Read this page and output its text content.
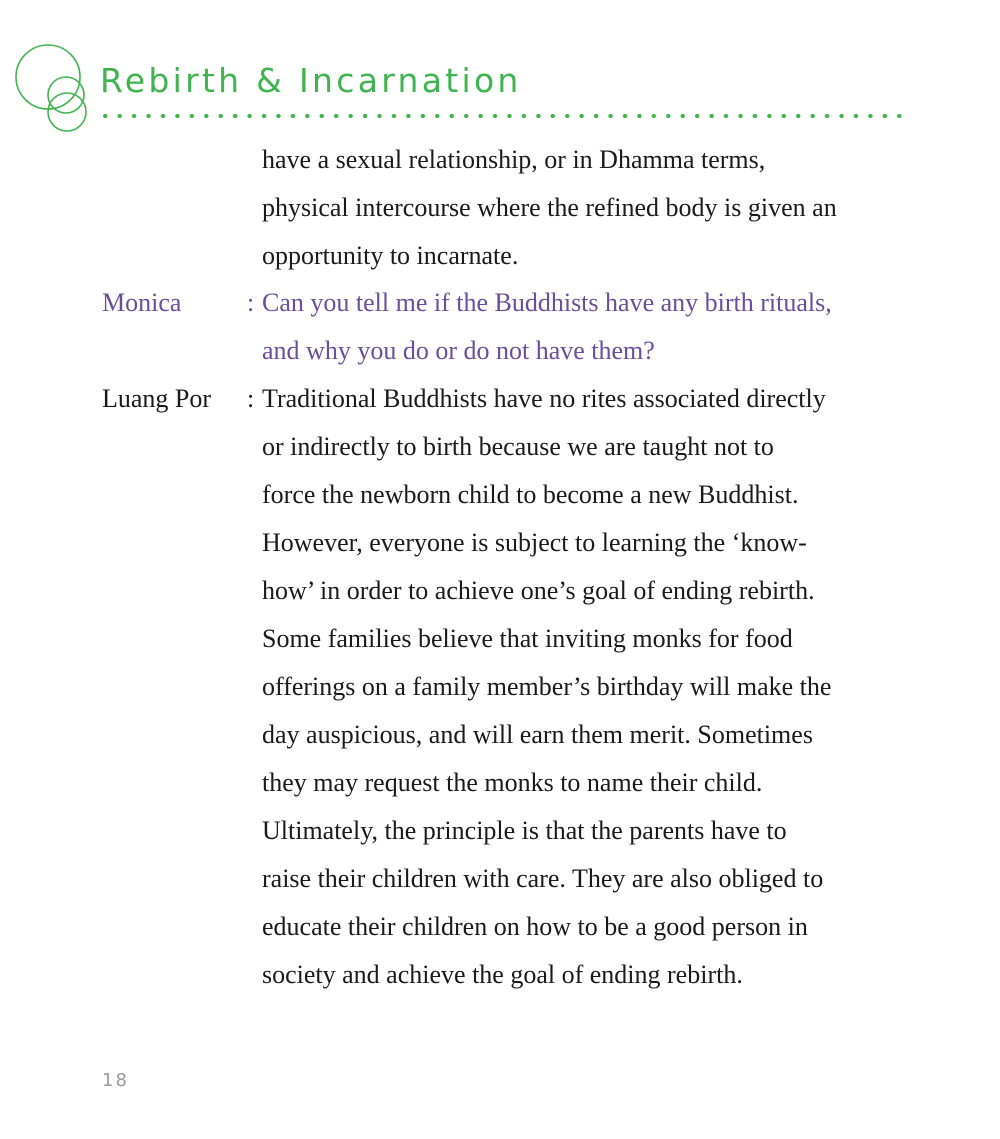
Rebirth & Incarnation
have a sexual relationship, or in Dhamma terms,
physical intercourse where the refined body is given an
opportunity to incarnate.
Monica	: Can you tell me if the Buddhists have any birth rituals,
and why you do or do not have them?
Luang Por : Traditional Buddhists have no rites associated directly
or indirectly to birth because we are taught not to
force the newborn child to become a new Buddhist.
However, everyone is subject to learning the ‘know-
how’ in order to achieve one’s goal of ending rebirth.
Some families believe that inviting monks for food
offerings on a family member’s birthday will make the
day auspicious, and will earn them merit. Sometimes
they may request the monks to name their child.
Ultimately, the principle is that the parents have to
raise their children with care. They are also obliged to
educate their children on how to be a good person in
society and achieve the goal of ending rebirth.
18
